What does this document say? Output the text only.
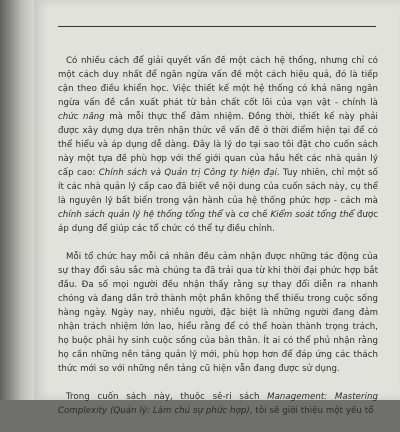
Có nhiều cách để giải quyết vấn đề một cách hệ thống, nhưng chỉ có một cách duy nhất để ngăn ngừa vấn đề một cách hiệu quả, đó là tiếp cận theo điều khiển học. Việc thiết kế một hệ thống có khả năng ngăn ngừa vấn đề cần xuất phát từ bản chất cốt lõi của vạn vật - chính là chức năng mà mỗi thực thể đảm nhiệm. Đồng thời, thiết kế này phải được xây dựng dựa trên nhận thức về vấn đề ở thời điểm hiện tại để có thể hiểu và áp dụng dễ dàng. Đây là lý do tại sao tôi đặt cho cuốn sách này một tựa đề phù hợp với thế giới quan của hầu hết các nhà quản lý cấp cao: Chính sách và Quản trị Công ty hiện đại. Tuy nhiên, chỉ một số ít các nhà quản lý cấp cao đã biết về nội dung của cuốn sách này, cụ thể là nguyên lý bất biến trong vận hành của hệ thống phức hợp - cách mà chính sách quản lý hệ thống tổng thể và cơ chế Kiểm soát tổng thể được áp dụng để giúp các tổ chức có thể tự điều chỉnh.

Mỗi tổ chức hay mỗi cá nhân đều cảm nhận được những tác động của sự thay đổi sâu sắc mà chúng ta đã trải qua từ khi thời đại phức hợp bắt đầu. Đa số mọi người đều nhận thấy rằng sự thay đổi diễn ra nhanh chóng và đang dần trở thành một phần không thể thiếu trong cuộc sống hàng ngày. Ngày nay, nhiều người, đặc biệt là những người đang đảm nhận trách nhiệm lớn lao, hiểu rằng để có thể hoàn thành trọng trách, họ buộc phải hy sinh cuộc sống của bản thân. Ít ai có thể phủ nhận rằng họ cần những nền tảng quản lý mới, phù hợp hơn để đáp ứng các thách thức mới so với những nền tảng cũ hiện vẫn đang được sử dụng.

Trong cuốn sách này, thuộc sê-ri sách Management: Mastering Complexity (Quản lý: Làm chủ sự phức hợp), tôi sẽ giới thiệu một yếu tố
